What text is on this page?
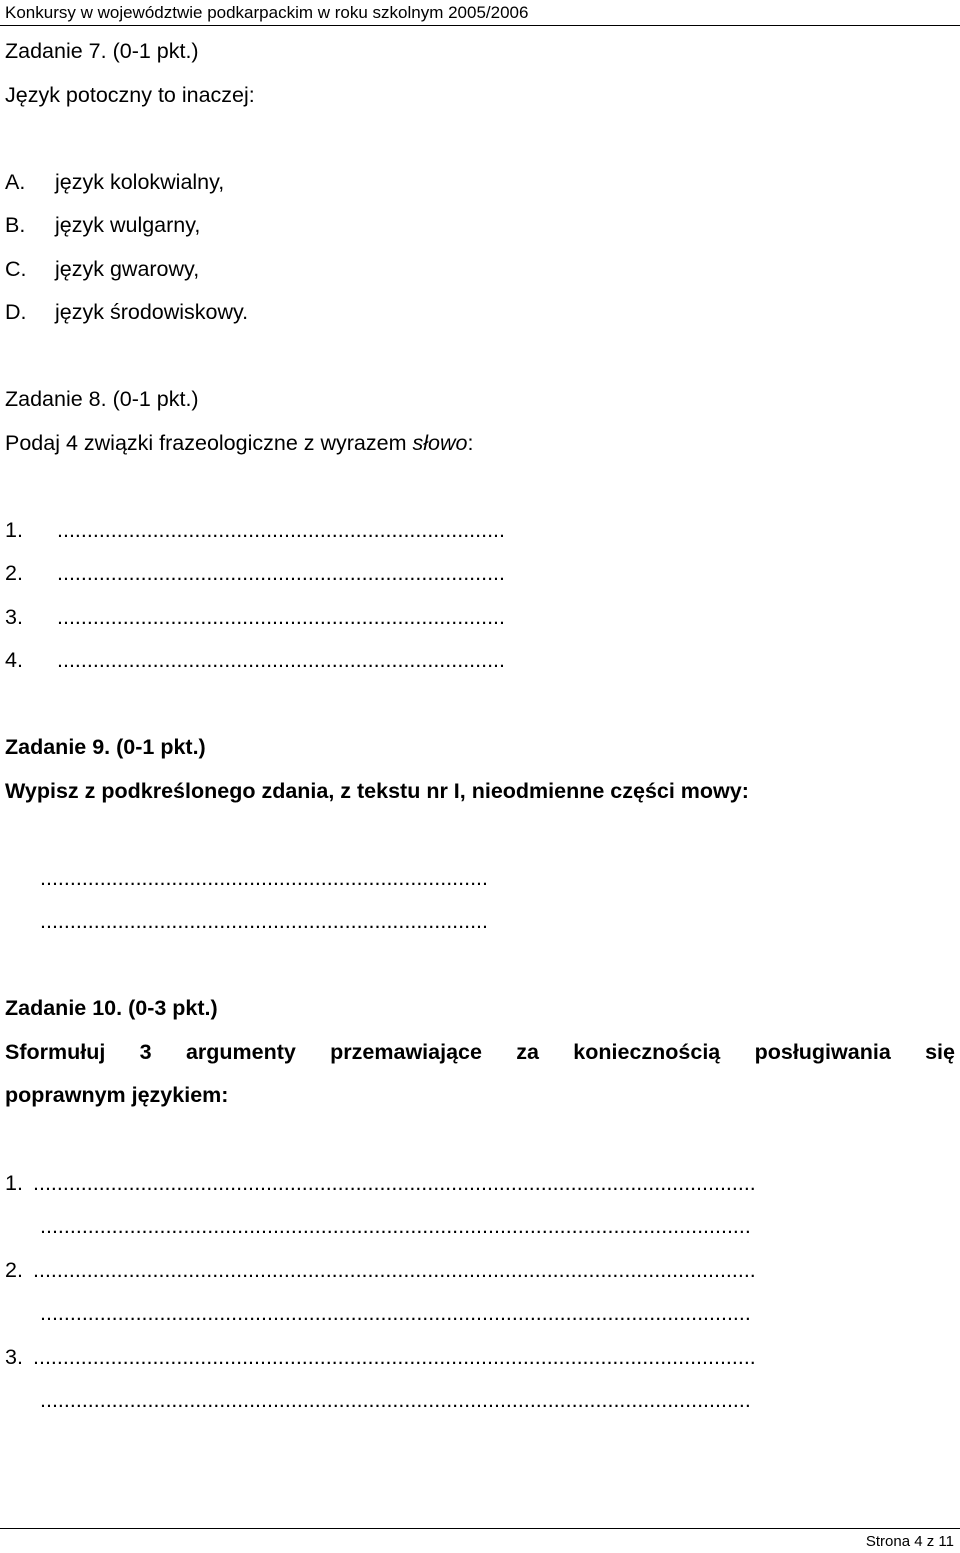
Konkursy w województwie podkarpackim w roku szkolnym 2005/2006
Zadanie 7. (0-1 pkt.)
Język potoczny to inaczej:
A. język kolokwialny,
B. język wulgarny,
C. język gwarowy,
D. język środowiskowy.
Zadanie 8. (0-1 pkt.)
Podaj 4 związki frazeologiczne z wyrazem słowo:
1. ...........................................................................
2. ...........................................................................
3. ...........................................................................
4. ...........................................................................
Zadanie 9. (0-1 pkt.)
Wypisz z podkreślonego zdania, z tekstu nr I, nieodmienne części mowy:
...........................................................................
...........................................................................
Zadanie 10. (0-3 pkt.)
Sformułuj 3 argumenty przemawiające za koniecznością posługiwania się
poprawnym językiem:
1. .........................................................................................................................
.......................................................................................................................
2. .........................................................................................................................
.......................................................................................................................
3. .........................................................................................................................
.......................................................................................................................
Strona 4 z 11
